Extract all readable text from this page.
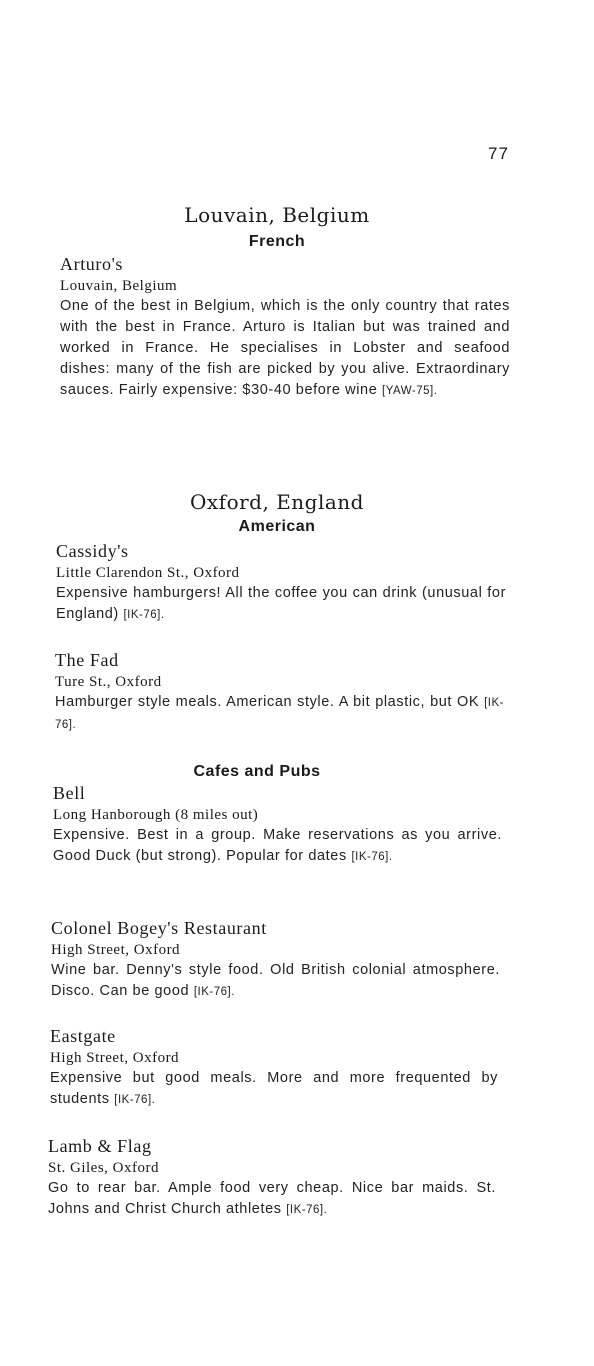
77
Louvain, Belgium
French
Arturo's
Louvain, Belgium
One of the best in Belgium, which is the only country that rates with the best in France. Arturo is Italian but was trained and worked in France. He specialises in Lobster and seafood dishes: many of the fish are picked by you alive. Extraordinary sauces. Fairly expensive: $30-40 before wine [YAW-75].
Oxford, England
American
Cassidy's
Little Clarendon St., Oxford
Expensive hamburgers! All the coffee you can drink (unusual for England) [IK-76].
The Fad
Ture St., Oxford
Hamburger style meals. American style. A bit plastic, but OK [IK-76].
Cafes and Pubs
Bell
Long Hanborough (8 miles out)
Expensive. Best in a group. Make reservations as you arrive. Good Duck (but strong). Popular for dates [IK-76].
Colonel Bogey's Restaurant
High Street, Oxford
Wine bar. Denny's style food. Old British colonial atmosphere. Disco. Can be good [IK-76].
Eastgate
High Street, Oxford
Expensive but good meals. More and more frequented by students [IK-76].
Lamb & Flag
St. Giles, Oxford
Go to rear bar. Ample food very cheap. Nice bar maids. St. Johns and Christ Church athletes [IK-76].
